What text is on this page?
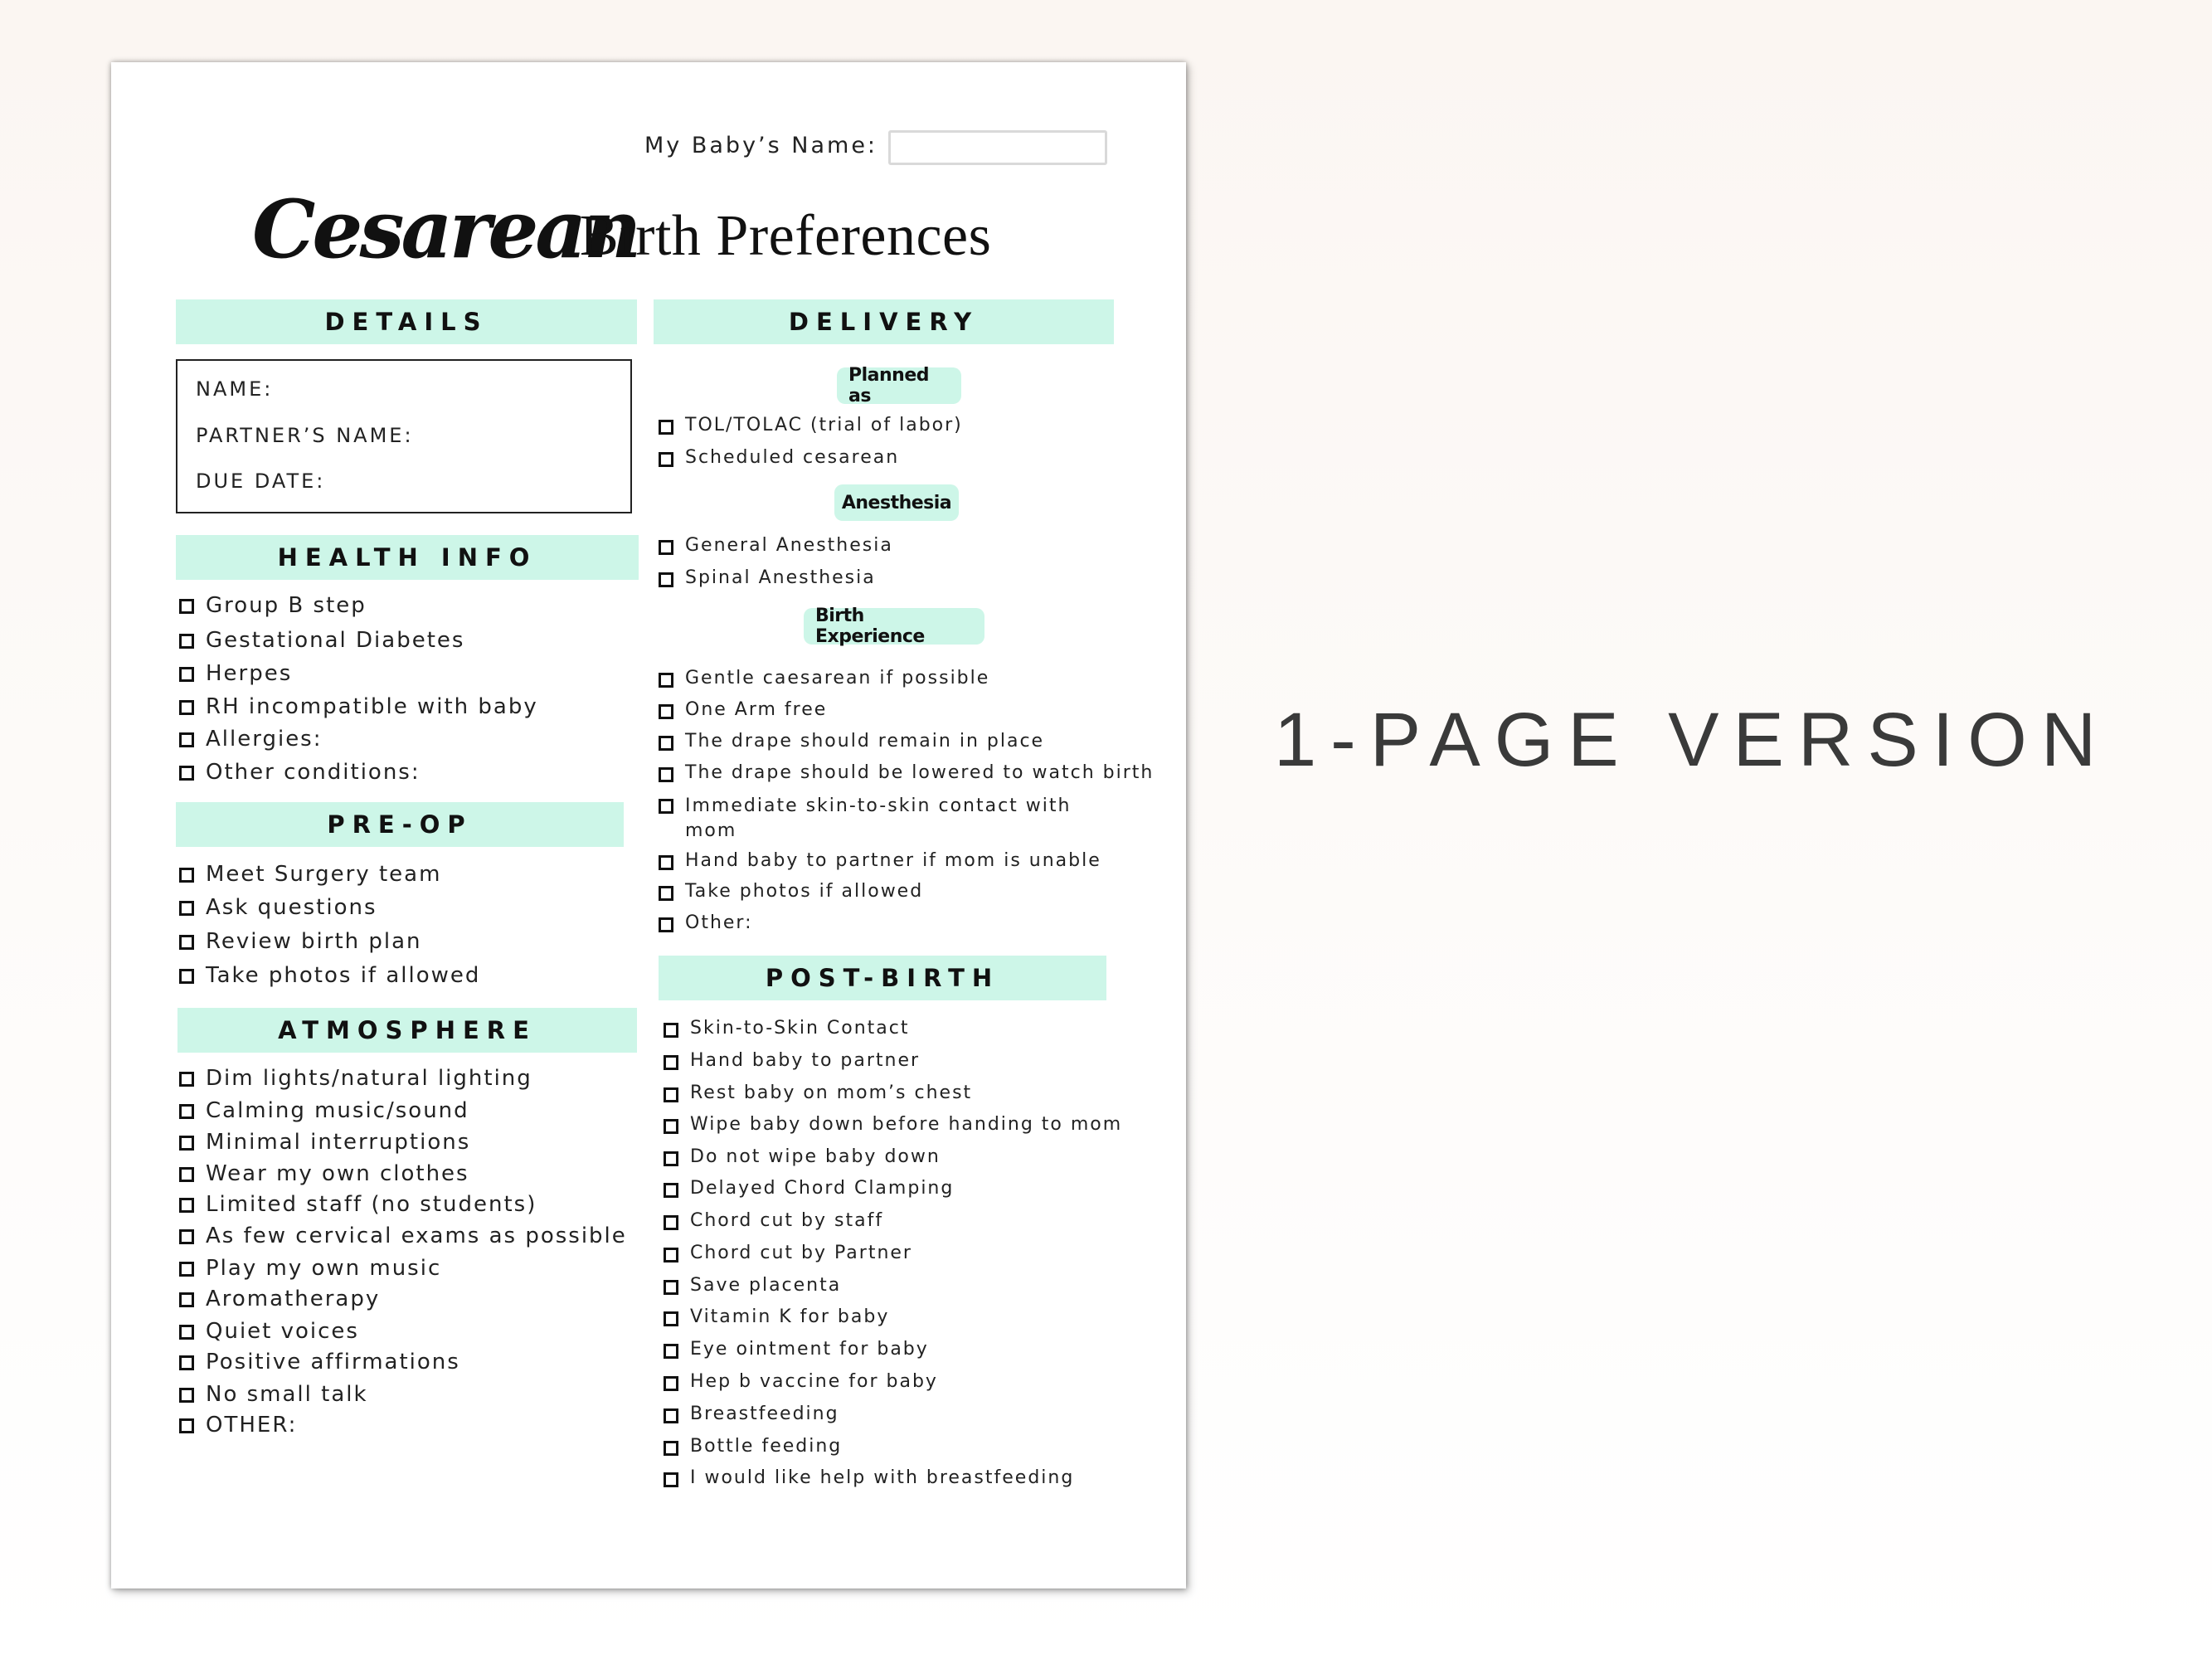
My Baby’s Name:
Cesarean
Birth Preferences
DETAILS
NAME:
PARTNER’S NAME:
DUE DATE:
HEALTH INFO
Group B step
Gestational Diabetes
Herpes
RH incompatible with baby
Allergies:
Other conditions:
PRE-OP
Meet Surgery team
Ask questions
Review birth plan
Take photos if allowed
ATMOSPHERE
Dim lights/natural lighting
Calming music/sound
Minimal interruptions
Wear my own clothes
Limited staff (no students)
As few cervical exams as possible
Play my own music
Aromatherapy
Quiet voices
Positive affirmations
No small talk
OTHER:
DELIVERY
Planned as
TOL/TOLAC (trial of labor)
Scheduled cesarean
Anesthesia
General Anesthesia
Spinal Anesthesia
Birth Experience
Gentle caesarean if possible
One Arm free
The drape should remain in place
The drape should be lowered to watch birth
Immediate skin-to-skin contact with mom
Hand baby to partner if mom is unable
Take photos if allowed
Other:
POST-BIRTH
Skin-to-Skin Contact
Hand baby to partner
Rest baby on mom’s chest
Wipe baby down before handing to mom
Do not wipe baby down
Delayed Chord Clamping
Chord cut by staff
Chord cut by Partner
Save placenta
Vitamin K for baby
Eye ointment for baby
Hep b vaccine for baby
Breastfeeding
Bottle feeding
I would like help with breastfeeding
1-PAGE VERSION
